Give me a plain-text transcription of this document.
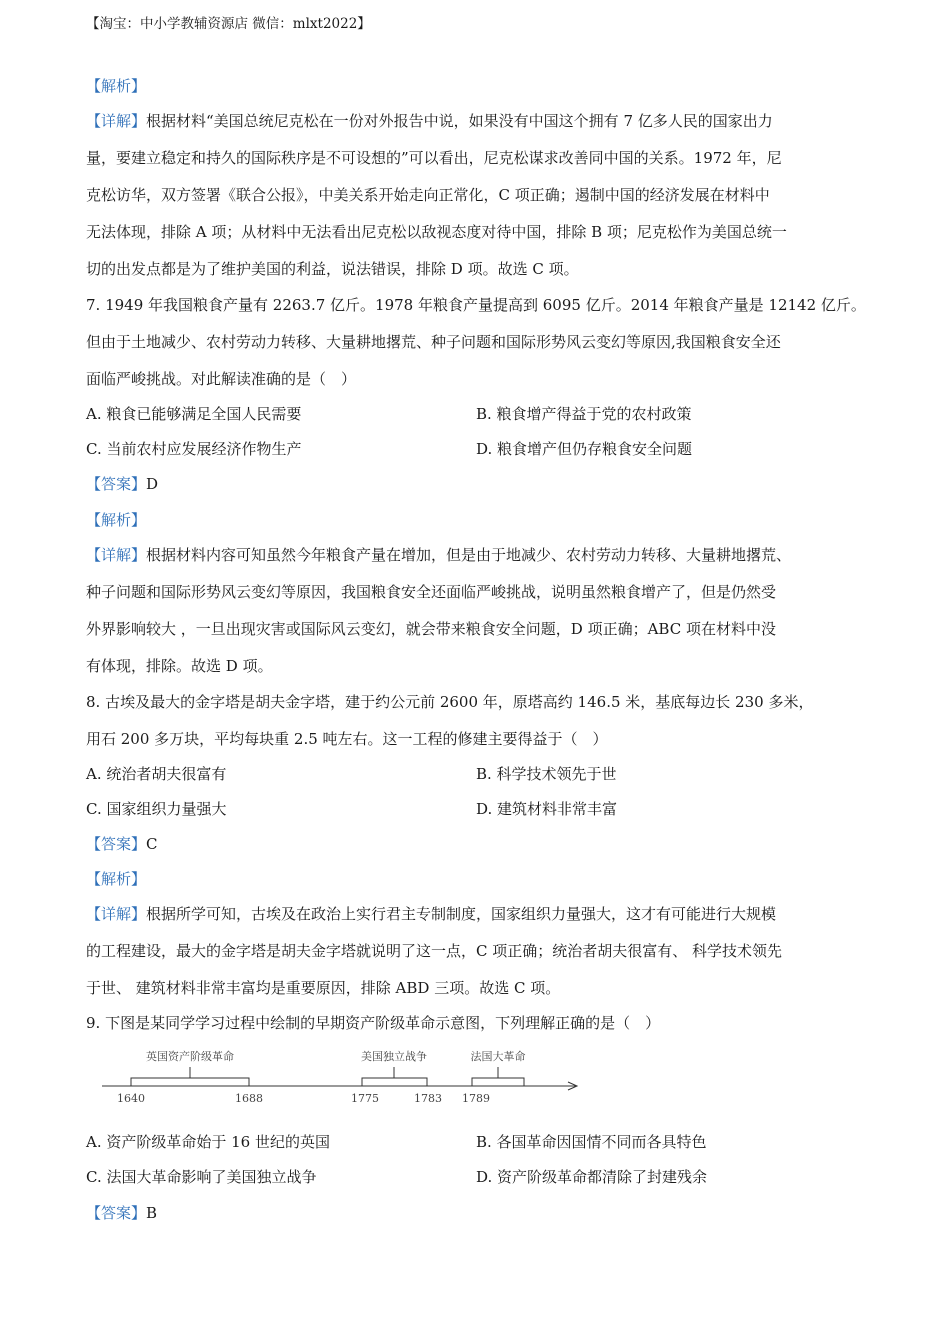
【淘宝：中小学教辅资源店 微信：mlxt2022】
【解析】
【详解】根据材料“美国总统尼克松在一份对外报告中说，如果没有中国这个拥有 7 亿多人民的国家出力
量，要建立稳定和持久的国际秩序是不可设想的”可以看出，尼克松谋求改善同中国的关系。1972 年，尼
克松访华，双方签署《联合公报》，中美关系开始走向正常化，C 项正确；遏制中国的经济发展在材料中
无法体现，排除 A 项；从材料中无法看出尼克松以敌视态度对待中国，排除 B 项；尼克松作为美国总统一
切的出发点都是为了维护美国的利益，说法错误，排除 D 项。故选 C 项。
7. 1949 年我国粮食产量有 2263.7 亿斤。1978 年粮食产量提高到 6095 亿斤。2014 年粮食产量是 12142 亿斤。
但由于土地减少、农村劳动力转移、大量耕地撂荒、种子问题和国际形势风云变幻等原因,我国粮食安全还
面临严峻挑战。对此解读准确的是（　）
A. 粮食已能够满足全国人民需要	B. 粮食增产得益于党的农村政策
C. 当前农村应发展经济作物生产	D. 粮食增产但仍存粮食安全问题
【答案】D
【解析】
【详解】根据材料内容可知虽然今年粮食产量在增加，但是由于地减少、农村劳动力转移、大量耕地撂荒、
种子问题和国际形势风云变幻等原因，我国粮食安全还面临严峻挑战，说明虽然粮食增产了，但是仍然受
外界影响较大 ，一旦出现灾害或国际风云变幻，就会带来粮食安全问题，D 项正确；ABC 项在材料中没
有体现，排除。故选 D 项。
8. 古埃及最大的金字塔是胡夫金字塔，建于约公元前 2600 年，原塔高约 146.5 米，基底每边长 230 多米，
用石 200 多万块，平均每块重 2.5 吨左右。这一工程的修建主要得益于（　）
A. 统治者胡夫很富有	B. 科学技术领先于世
C. 国家组织力量强大	D. 建筑材料非常丰富
【答案】C
【解析】
【详解】根据所学可知，古埃及在政治上实行君主专制制度，国家组织力量强大，这才有可能进行大规模
的工程建设，最大的金字塔是胡夫金字塔就说明了这一点，C 项正确；统治者胡夫很富有、 科学技术领先
于世、 建筑材料非常丰富均是重要原因，排除 ABD 三项。故选 C 项。
9. 下图是某同学学习过程中绘制的早期资产阶级革命示意图，下列理解正确的是（　）
英国资产阶级革命	美国独立战争	法国大革命
1640	1688	1775	1783 1789
A. 资产阶级革命始于 16 世纪的英国	B. 各国革命因国情不同而各具特色
C. 法国大革命影响了美国独立战争	D. 资产阶级革命都清除了封建残余
【答案】B
